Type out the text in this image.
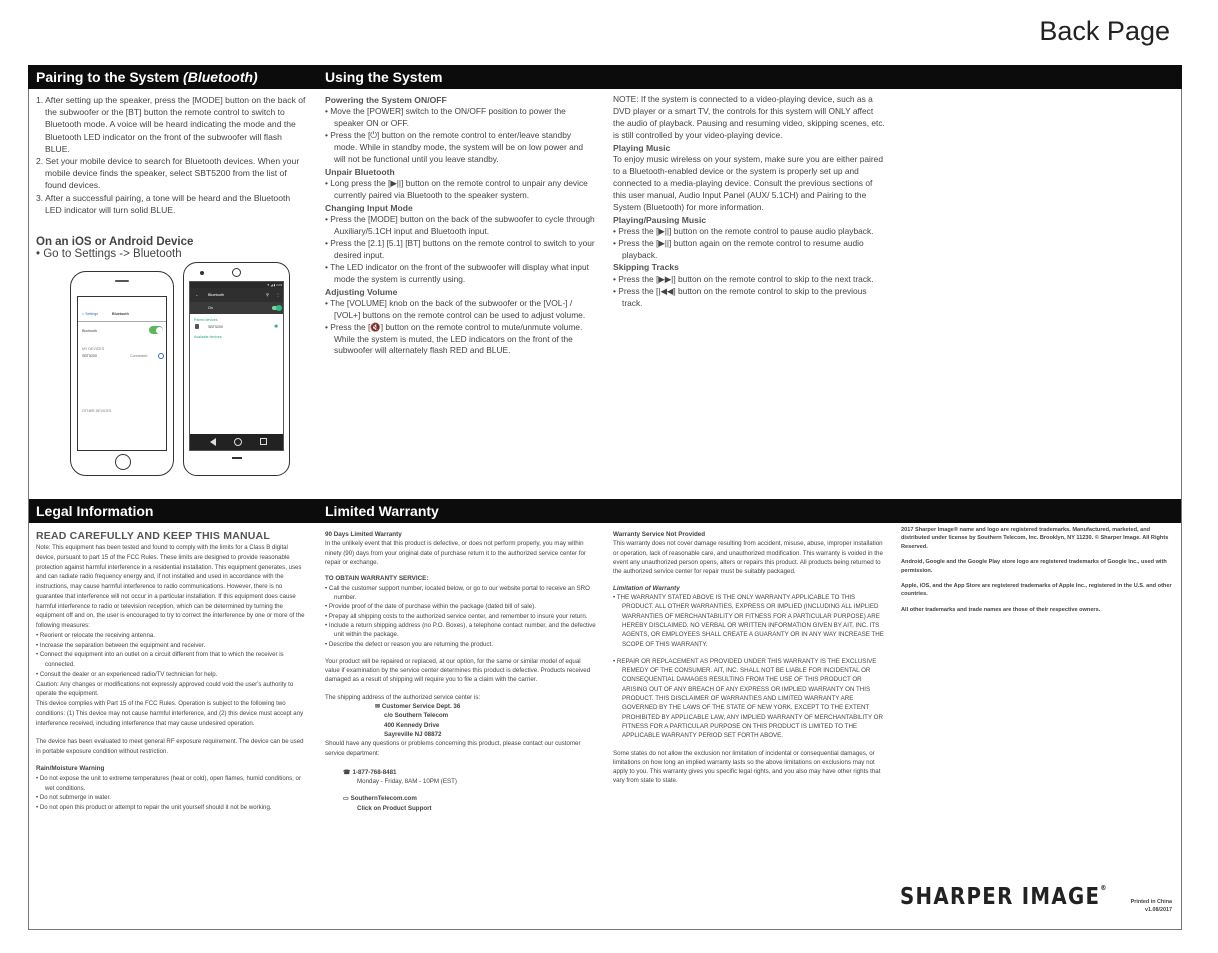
Back Page
Pairing to the System (Bluetooth)	Using the System
Legal Information	Limited Warranty

1. After setting up the speaker, press the [MODE] button on the back of the subwoofer or the [BT] button the remote control to switch to Bluetooth mode. A voice will be heard indicating the mode and the Bluetooth LED indicator on the front of the subwoofer will flash BLUE.

2. Set your mobile device to search for Bluetooth devices. When your mobile device finds the speaker, select SBT5200 from the list of found devices.

3. After a successful pairing, a tone will be heard and the Bluetooth LED indicator will turn solid BLUE.

On an iOS or Android Device
• Go to Settings -> Bluetooth
< Settings	Bluetooth
Bluetooth
MY DEVICES
SBT5200	Connected
OTHER DEVICES
▼ ◢ ▮ 2:09
← Bluetooth	⚲ ⋮
On
Paired devices
SBT5200	✱
Available devices

Powering the System ON/OFF

• Move the [POWER] switch to the ON/OFF position to power the speaker ON or OFF.

• Press the [⏻] button on the remote control to enter/leave standby mode. While in standby mode, the system will be on low power and will not be functional until you leave standby.

Unpair Bluetooth

• Long press the [▶||] button on the remote control to unpair any device currently paired via Bluetooth to the speaker system.

Changing Input Mode

• Press the [MODE] button on the back of the subwoofer to cycle through Auxiliary/5.1CH input and Bluetooth input.

• Press the [2.1] [5.1] [BT] buttons on the remote control to switch to your desired input.

• The LED indicator on the front of the subwoofer will display what input mode the system is currently using.

Adjusting Volume

• The [VOLUME] knob on the back of the subwoofer or the [VOL-] / [VOL+] buttons on the remote control can be used to adjust volume.

• Press the [🔇] button on the remote control to mute/unmute volume. While the system is muted, the LED indicators on the front of the subwoofer will alternately flash RED and BLUE.

NOTE: If the system is connected to a video-playing device, such as a DVD player or a smart TV, the controls for this system will ONLY affect the audio of playback. Pausing and resuming video, skipping scenes, etc. is still controlled by your video-playing device.

Playing Music

To enjoy music wireless on your system, make sure you are either paired to a Bluetooth-enabled device or the system is properly set up and connected to a media-playing device. Consult the previous sections of this user manual, Audio Input Panel (AUX/ 5.1CH) and Pairing to the System (Bluetooth) for more information.

Playing/Pausing Music

• Press the [▶||] button on the remote control to pause audio playback.

• Press the [▶||] button again on the remote control to resume audio playback.

Skipping Tracks

• Press the [▶▶|] button on the remote control to skip to the next track.

• Press the [|◀◀] button on the remote control to skip to the previous track.

READ CAREFULLY AND KEEP THIS MANUAL

Note: This equipment has been tested and found to comply with the limits for a Class B digital device, pursuant to part 15 of the FCC Rules. These limits are designed to provide reasonable protection against harmful interference in a residential installation. This equipment generates, uses and can radiate radio frequency energy and, if not installed and used in accordance with the instructions, may cause harmful interference to radio communications. However, there is no guarantee that interference will not occur in a particular installation. If this equipment does cause harmful interference to radio or television reception, which can be determined by turning the equipment off and on, the user is encouraged to try to correct the interference by one or more of the following measures:

• Reorient or relocate the receiving antenna.

• Increase the separation between the equipment and receiver.

• Connect the equipment into an outlet on a circuit different from that to which the receiver is connected.

• Consult the dealer or an experienced radio/TV technician for help.

Caution: Any changes or modifications not expressly approved could void the user's authority to operate the equipment.

This device complies with Part 15 of the FCC Rules. Operation is subject to the following two conditions: (1) This device may not cause harmful interference, and (2) this device must accept any interference received, including interference that may cause undesired operation.

The device has been evaluated to meet general RF exposure requirement. The device can be used in portable exposure condition without restriction.

Rain/Moisture Warning

• Do not expose the unit to extreme temperatures (heat or cold), open flames, humid conditions, or wet conditions.

• Do not submerge in water.

• Do not open this product or attempt to repair the unit yourself should it not be working.

90 Days Limited Warranty

In the unlikely event that this product is defective, or does not perform properly, you may within ninety (90) days from your original date of purchase return it to the authorized service center for repair or exchange.

TO OBTAIN WARRANTY SERVICE:

• Call the customer support number, located below, or go to our website portal to receive an SRO number.

• Provide proof of the date of purchase within the package (dated bill of sale).

• Prepay all shipping costs to the authorized service center, and remember to insure your return.

• Include a return shipping address (no P.O. Boxes), a telephone contact number, and the defective unit within the package.

• Describe the defect or reason you are returning the product.

Your product will be repaired or replaced, at our option, for the same or similar model of equal value if examination by the service center determines this product is defective. Products received damaged as a result of shipping will require you to file a claim with the carrier.

The shipping address of the authorized service center is:

✉ Customer Service Dept. 36

c/o Southern Telecom

400 Kennedy Drive

Sayreville NJ 08872

Should have any questions or problems concerning this product, please contact our customer service department:

☎ 1-877-768-8481

Monday - Friday, 8AM - 10PM (EST)

▭ SouthernTelecom.com

Click on Product Support

Warranty Service Not Provided

This warranty does not cover damage resulting from accident, misuse, abuse, improper installation or operation, lack of reasonable care, and unauthorized modification. This warranty is voided in the event any unauthorized person opens, alters or repairs this product. All products being returned to the authorized service center for repair must be suitably packaged.

Limitation of Warranty

• THE WARRANTY STATED ABOVE IS THE ONLY WARRANTY APPLICABLE TO THIS PRODUCT. ALL OTHER WARRANTIES, EXPRESS OR IMPLIED (INCLUDING ALL IMPLIED WARRANTIES OF MERCHANTABILITY OR FITNESS FOR A PARTICULAR PURPOSE) ARE HEREBY DISCLAIMED. NO VERBAL OR WRITTEN INFORMATION GIVEN BY AIT, INC. ITS AGENTS, OR EMPLOYEES SHALL CREATE A GUARANTY OR IN ANY WAY INCREASE THE SCOPE OF THIS WARRANTY.

• REPAIR OR REPLACEMENT AS PROVIDED UNDER THIS WARRANTY IS THE EXCLUSIVE REMEDY OF THE CONSUMER. AIT, INC. SHALL NOT BE LIABLE FOR INCIDENTAL OR CONSEQUENTIAL DAMAGES RESULTING FROM THE USE OF THIS PRODUCT OR ARISING OUT OF ANY BREACH OF ANY EXPRESS OR IMPLIED WARRANTY ON THIS PRODUCT. THIS DISCLAIMER OF WARRANTIES AND LIMITED WARRANTY ARE GOVERNED BY THE LAWS OF THE STATE OF NEW YORK. EXCEPT TO THE EXTENT PROHIBITED BY APPLICABLE LAW, ANY IMPLIED WARRANTY OF MERCHANTABILITY OR FITNESS FOR A PARTICULAR PURPOSE ON THIS PRODUCT IS LIMITED TO THE APPLICABLE WARRANTY PERIOD SET FORTH ABOVE.

Some states do not allow the exclusion nor limitation of incidental or consequential damages, or limitations on how long an implied warranty lasts so the above limitations on exclusions may not apply to you. This warranty gives you specific legal rights, and you also may have other rights that vary from state to state.

2017 Sharper Image® name and logo are registered trademarks. Manufactured, marketed, and distributed under license by Southern Telecom, Inc. Brooklyn, NY 11230. © Sharper Image. All Rights Reserved.

Android, Google and the Google Play store logo are registered trademarks of Google Inc., used with permission.

Apple, iOS, and the App Store are registered trademarks of Apple Inc., registered in the U.S. and other countries.

All other trademarks and trade names are those of their respective owners.

SHARPER IMAGE®
Printed in China
v1.08/2017
